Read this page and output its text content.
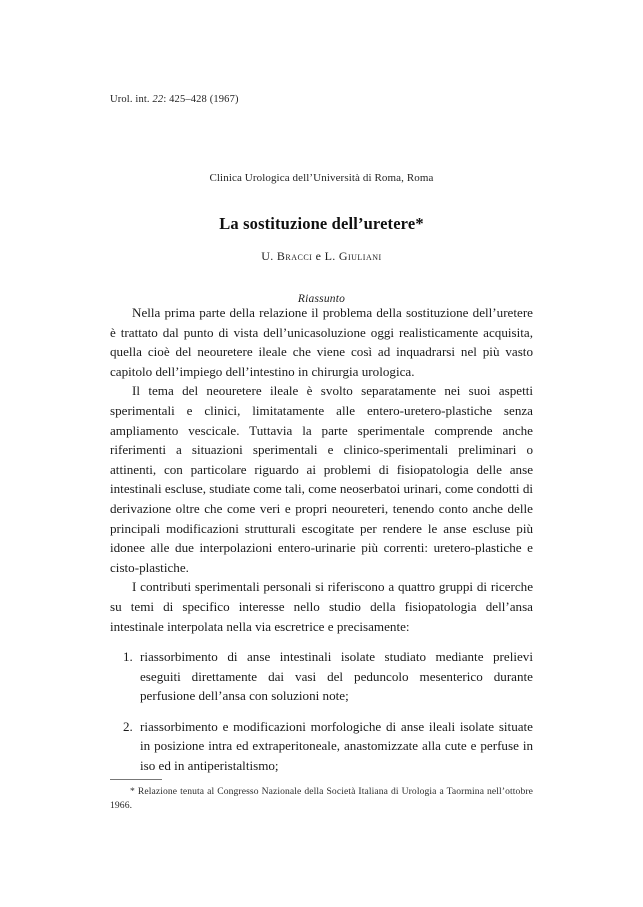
Urol. int. 22: 425–428 (1967)
Clinica Urologica dell’Università di Roma, Roma
La sostituzione dell’uretere*
U. Bracci e L. Giuliani
Riassunto

Nella prima parte della relazione il problema della sostituzione dell’uretere è trattato dal punto di vista dell’unicasoluzione oggi realisticamente acquisita, quella cioè del neouretere ileale che viene così ad inquadrarsi nel più vasto capitolo dell’impiego dell’intestino in chirurgia urologica.

Il tema del neouretere ileale è svolto separatamente nei suoi aspetti sperimentali e clinici, limitatamente alle entero-uretero-plastiche senza ampliamento vescicale. Tuttavia la parte sperimentale comprende anche riferimenti a situazioni sperimentali e clinico-sperimentali preliminari o attinenti, con particolare riguardo ai problemi di fisiopatologia delle anse intestinali escluse, studiate come tali, come neoserbatoi urinari, come condotti di derivazione oltre che come veri e propri neoureteri, tenendo conto anche delle principali modificazioni strutturali escogitate per rendere le anse escluse più idonee alle due interpolazioni entero-urinarie più correnti: uretero-plastiche e cisto-plastiche.

I contributi sperimentali personali si riferiscono a quattro gruppi di ricerche su temi di specifico interesse nello studio della fisiopatologia dell’ansa intestinale interpolata nella via escretrice e precisamente:

1. riassorbimento di anse intestinali isolate studiato mediante prelievi eseguiti direttamente dai vasi del peduncolo mesenterico durante perfusione dell’ansa con soluzioni note;
2. riassorbimento e modificazioni morfologiche di anse ileali isolate situate in posizione intra ed extraperitoneale, anastomizzate alla cute e perfuse in iso ed in antiperistaltismo;
* Relazione tenuta al Congresso Nazionale della Società Italiana di Urologia a Taormina nell’ottobre 1966.
